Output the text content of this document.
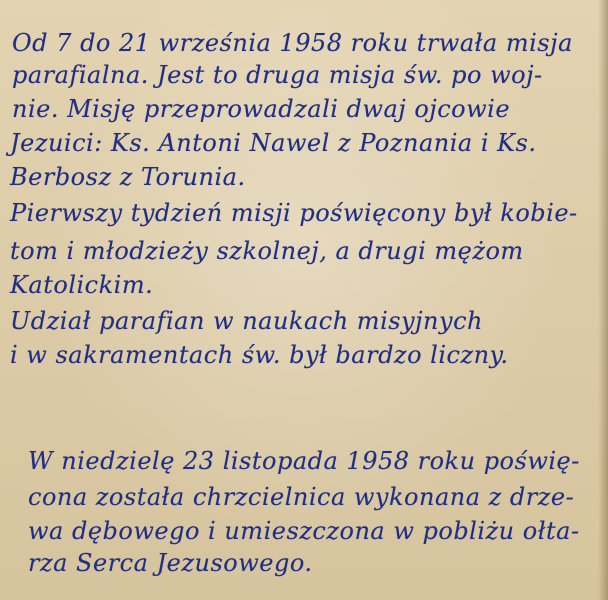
Od 7 do 21 września 1958 roku trwała misja
parafialna. Jest to druga misja św. po woj-
nie. Misję przeprowadzali dwaj ojcowie
Jezuici: Ks. Antoni Nawel z Poznania i Ks.
Berbosz z Torunia.
Pierwszy tydzień misji poświęcony był kobie-
tom i młodzieży szkolnej, a drugi mężom
Katolickim.
Udział parafian w naukach misyjnych
i w sakramentach św. był bardzo liczny.
W niedzielę 23 listopada 1958 roku poświę-
cona została chrzcielnica wykonana z drze-
wa dębowego i umieszczona w pobliżu ołta-
rza Serca Jezusowego.
